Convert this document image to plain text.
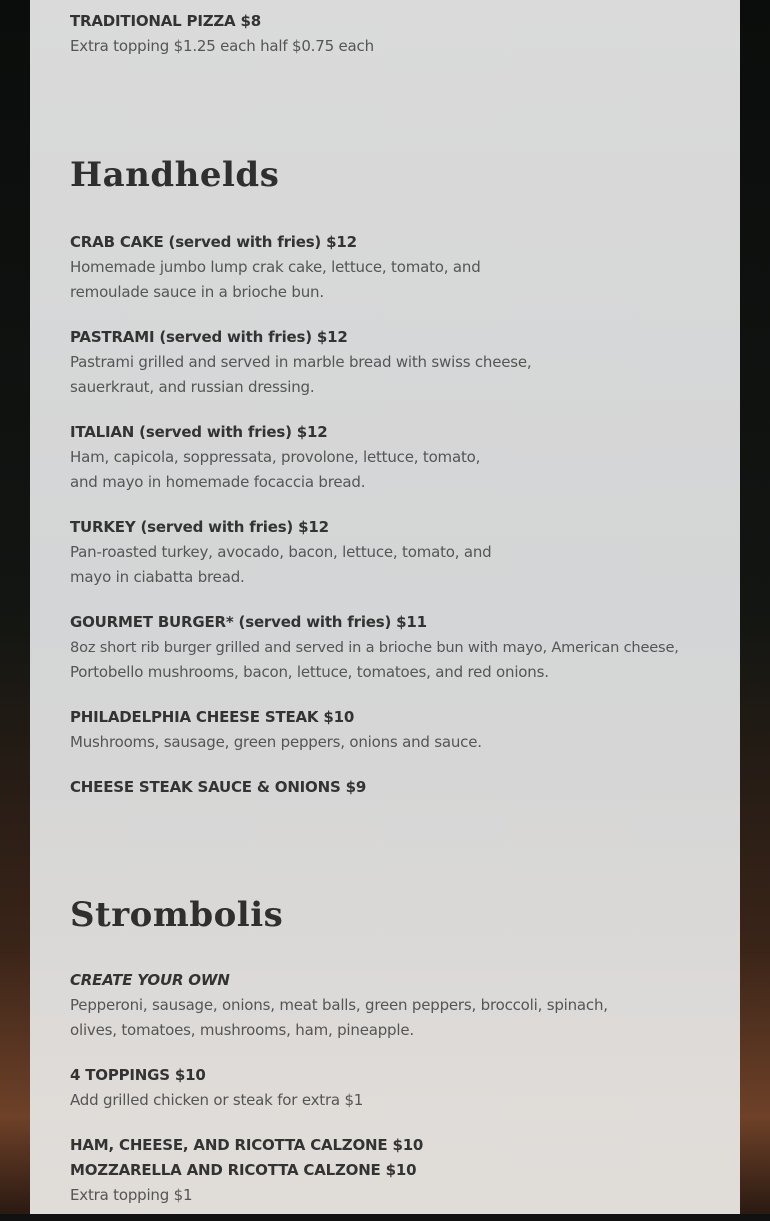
TRADITIONAL PIZZA $8
Extra topping $1.25 each half $0.75 each
Handhelds
CRAB CAKE (served with fries) $12
Homemade jumbo lump crak cake, lettuce, tomato, and
remoulade sauce in a brioche bun.
PASTRAMI (served with fries) $12
Pastrami grilled and served in marble bread with swiss cheese,
sauerkraut, and russian dressing.
ITALIAN (served with fries) $12
Ham, capicola, soppressata, provolone, lettuce, tomato,
and mayo in homemade focaccia bread.
TURKEY (served with fries) $12
Pan-roasted turkey, avocado, bacon, lettuce, tomato, and
mayo in ciabatta bread.
GOURMET BURGER* (served with fries) $11
8oz short rib burger grilled and served in a brioche bun with mayo, American cheese,
Portobello mushrooms, bacon, lettuce, tomatoes, and red onions.
PHILADELPHIA CHEESE STEAK $10
Mushrooms, sausage, green peppers, onions and sauce.
CHEESE STEAK SAUCE & ONIONS $9
Strombolis
CREATE YOUR OWN
Pepperoni, sausage, onions, meat balls, green peppers, broccoli, spinach,
olives, tomatoes, mushrooms, ham, pineapple.
4 TOPPINGS $10
Add grilled chicken or steak for extra $1
HAM, CHEESE, AND RICOTTA CALZONE $10
MOZZARELLA AND RICOTTA CALZONE $10
Extra topping $1
